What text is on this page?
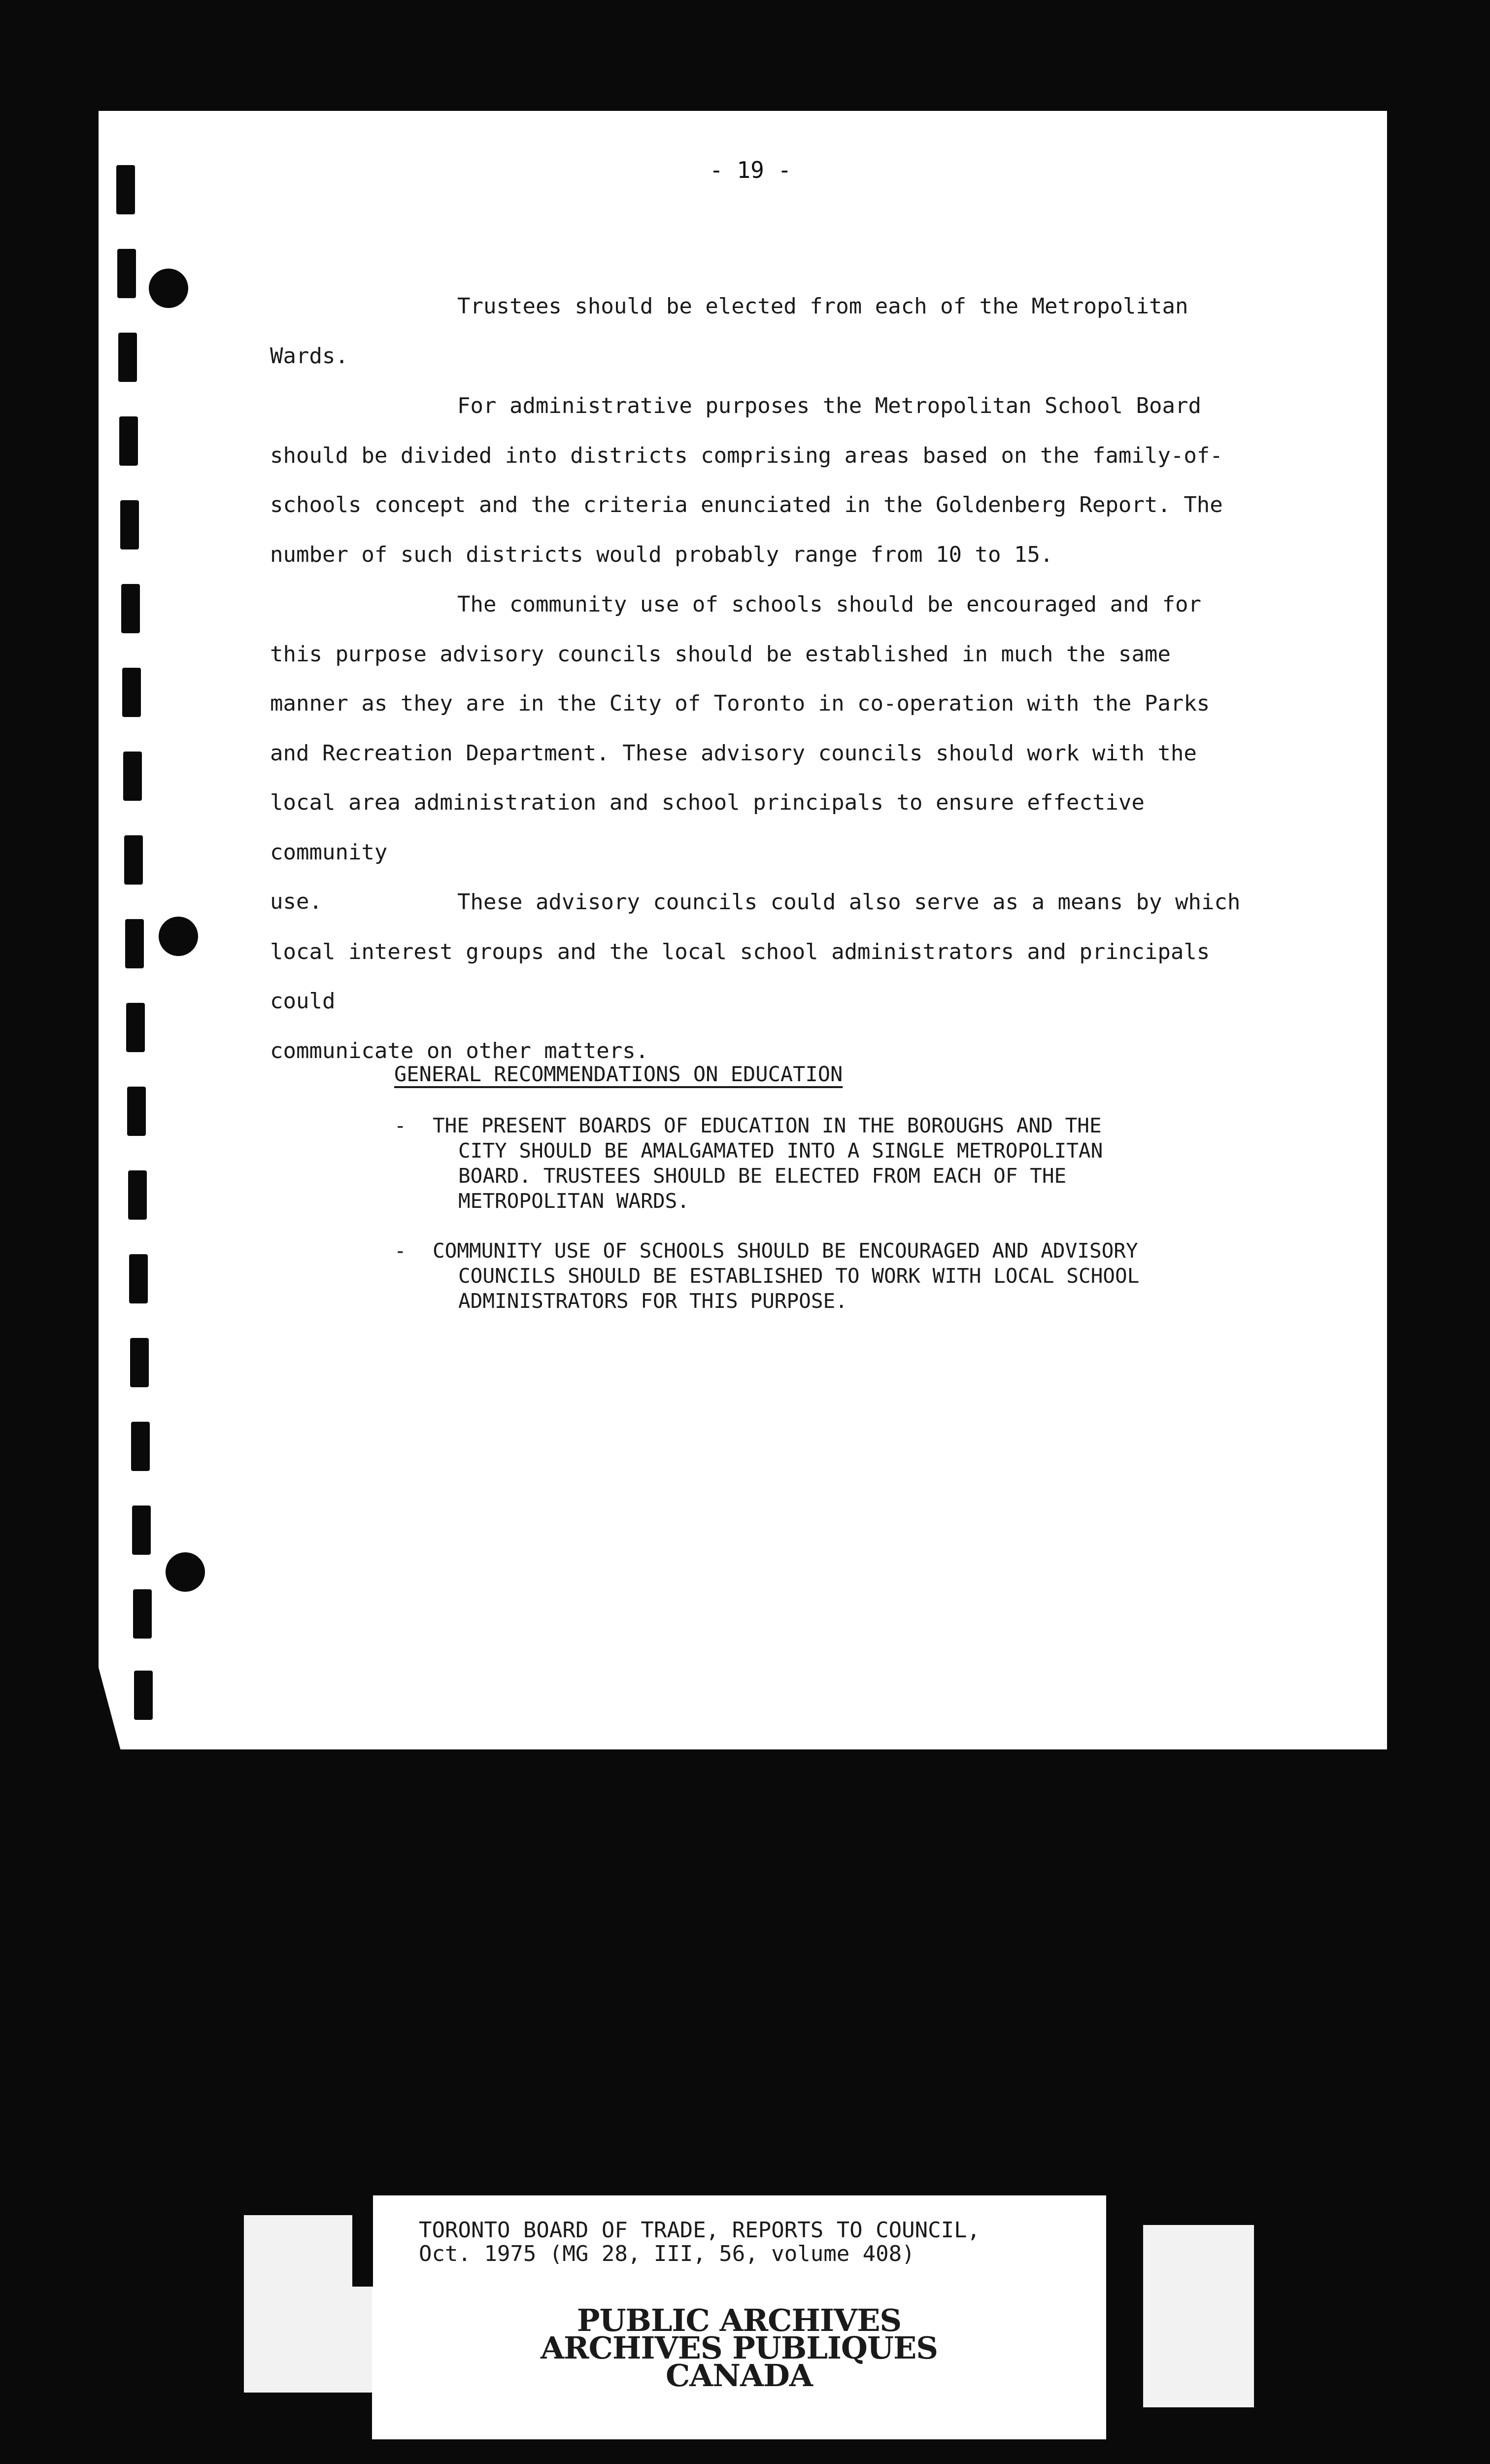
- 19 -

Trustees should be elected from each of the Metropolitan
Wards.

For administrative purposes the Metropolitan School Board
should be divided into districts comprising areas based on the family-of-
schools concept and the criteria enunciated in the Goldenberg Report. The
number of such districts would probably range from 10 to 15.

The community use of schools should be encouraged and for
this purpose advisory councils should be established in much the same
manner as they are in the City of Toronto in co-operation with the Parks
and Recreation Department. These advisory councils should work with the
local area administration and school principals to ensure effective community
use.	These advisory councils could also serve as a means by which
local interest groups and the local school administrators and principals could
communicate on other matters.

GENERAL RECOMMENDATIONS ON EDUCATION

- THE PRESENT BOARDS OF EDUCATION IN THE BOROUGHS AND THE
CITY SHOULD BE AMALGAMATED INTO A SINGLE METROPOLITAN
BOARD. TRUSTEES SHOULD BE ELECTED FROM EACH OF THE
METROPOLITAN WARDS.
- COMMUNITY USE OF SCHOOLS SHOULD BE ENCOURAGED AND ADVISORY
COUNCILS SHOULD BE ESTABLISHED TO WORK WITH LOCAL SCHOOL
ADMINISTRATORS FOR THIS PURPOSE.
TORONTO BOARD OF TRADE, REPORTS TO COUNCIL,
Oct. 1975 (MG 28, III, 56, volume 408)
PUBLIC ARCHIVES
ARCHIVES PUBLIQUES
CANADA
